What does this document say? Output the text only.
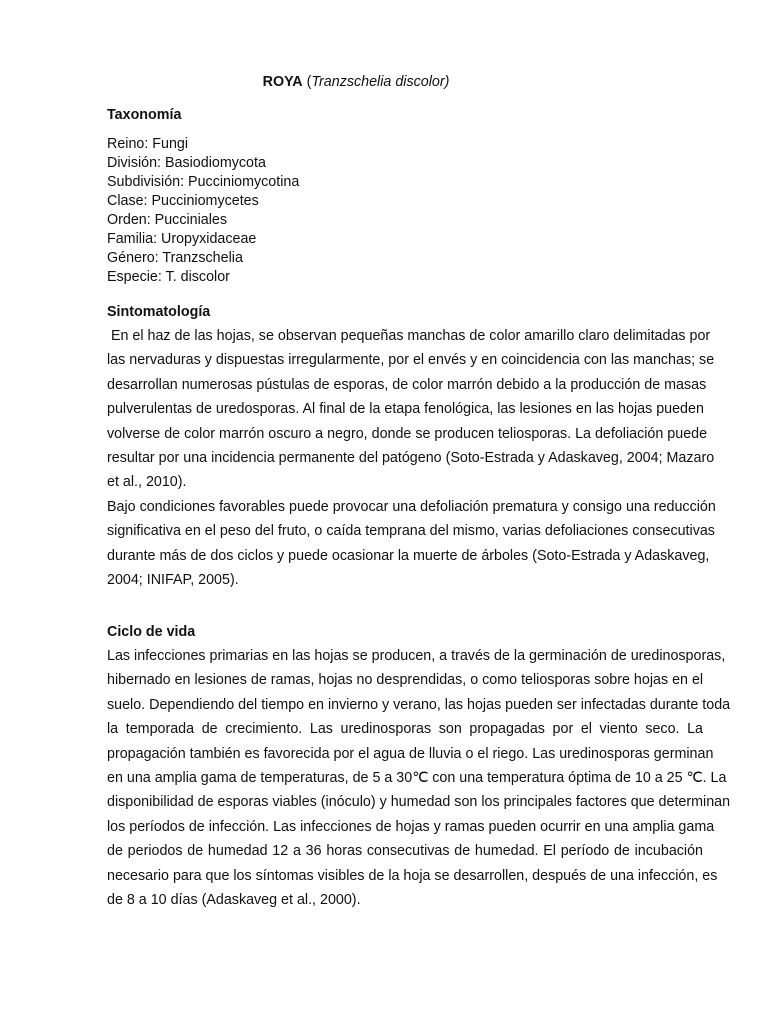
ROYA (Tranzschelia discolor)
Taxonomía
Reino: Fungi
División: Basiodiomycota
Subdivisión: Pucciniomycotina
Clase: Pucciniomycetes
Orden: Pucciniales
Familia: Uropyxidaceae
Género: Tranzschelia
Especie: T. discolor
Sintomatología

En el haz de las hojas, se observan pequeñas manchas de color amarillo claro delimitadas por
las nervaduras y dispuestas irregularmente, por el envés y en coincidencia con las manchas; se
desarrollan numerosas pústulas de esporas, de color marrón debido a la producción de masas
pulverulentas de uredosporas. Al final de la etapa fenológica, las lesiones en las hojas pueden
volverse de color marrón oscuro a negro, donde se producen teliosporas. La defoliación puede
resultar por una incidencia permanente del patógeno (Soto-Estrada y Adaskaveg, 2004; Mazaro
et al., 2010).

Bajo condiciones favorables puede provocar una defoliación prematura y consigo una reducción
significativa en el peso del fruto, o caída temprana del mismo, varias defoliaciones consecutivas
durante más de dos ciclos y puede ocasionar la muerte de árboles (Soto-Estrada y Adaskaveg,
2004; INIFAP, 2005).

Ciclo de vida

Las infecciones primarias en las hojas se producen, a través de la germinación de uredinosporas,
hibernado en lesiones de ramas, hojas no desprendidas, o como teliosporas sobre hojas en el
suelo. Dependiendo del tiempo en invierno y verano, las hojas pueden ser infectadas durante toda
la temporada de crecimiento. Las uredinosporas son propagadas por el viento seco. La
propagación también es favorecida por el agua de lluvia o el riego. Las uredinosporas germinan
en una amplia gama de temperaturas, de 5 a 30℃ con una temperatura óptima de 10 a 25 ℃. La
disponibilidad de esporas viables (inóculo) y humedad son los principales factores que determinan
los períodos de infección. Las infecciones de hojas y ramas pueden ocurrir en una amplia gama
de periodos de humedad 12 a 36 horas consecutivas de humedad. El período de incubación
necesario para que los síntomas visibles de la hoja se desarrollen, después de una infección, es
de 8 a 10 días (Adaskaveg et al., 2000).
